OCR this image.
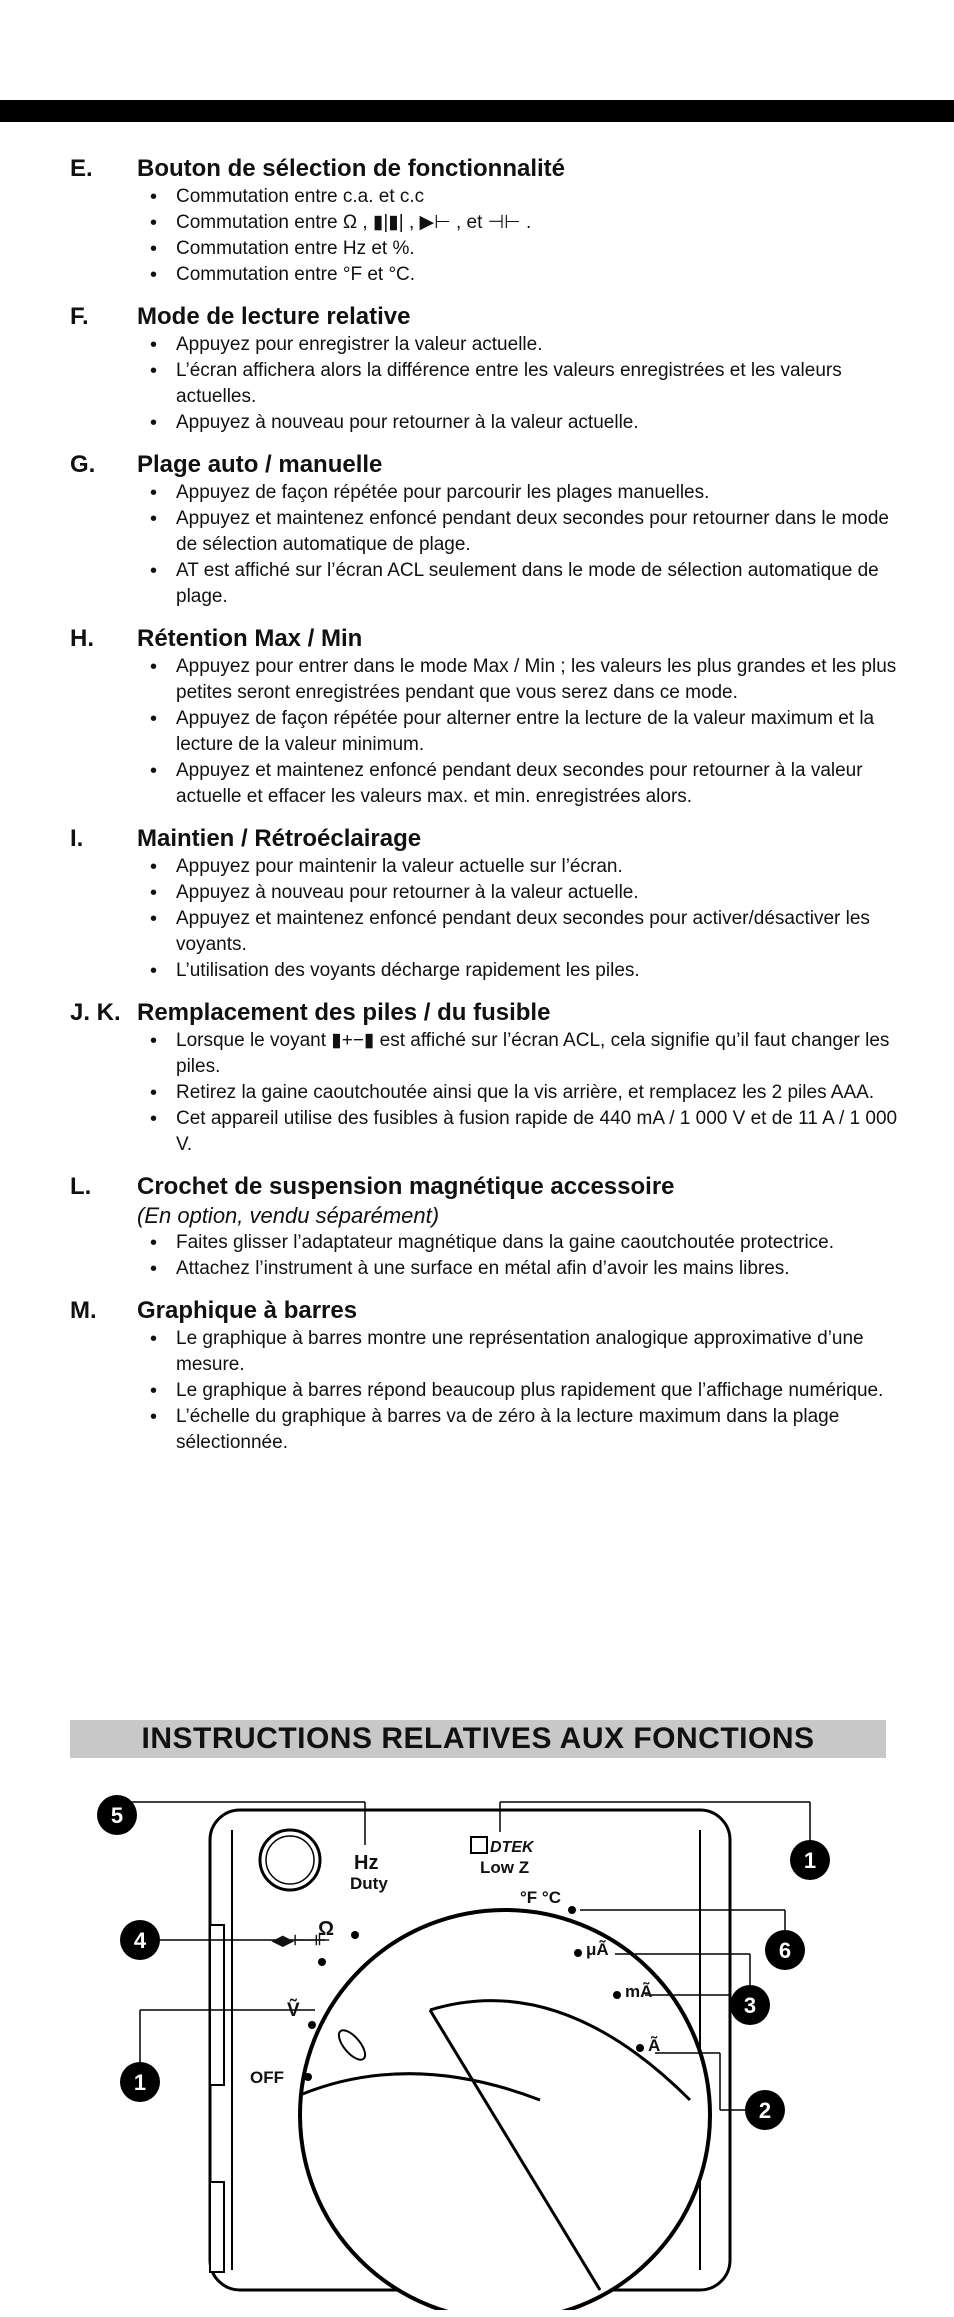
E.	Bouton de sélection de fonctionnalité
• Commutation entre c.a. et c.c
• Commutation entre Ω , ▮|▮| , ▶⊢ , et ⊣⊢ .
• Commutation entre Hz et %.
• Commutation entre °F et °C.
F.	Mode de lecture relative
• Appuyez pour enregistrer la valeur actuelle.
• L’écran affichera alors la différence entre les valeurs enregistrées et les valeurs actuelles.
• Appuyez à nouveau pour retourner à la valeur actuelle.
G.	Plage auto / manuelle
• Appuyez de façon répétée pour parcourir les plages manuelles.
• Appuyez et maintenez enfoncé pendant deux secondes pour retourner dans le mode de sélection automatique de plage.
• AT est affiché sur l’écran ACL seulement dans le mode de sélection automatique de plage.
H.	Rétention Max / Min
• Appuyez pour entrer dans le mode Max / Min ; les valeurs les plus grandes et les plus petites seront enregistrées pendant que vous serez dans ce mode.
• Appuyez de façon répétée pour alterner entre la lecture de la valeur maximum et la lecture de la valeur minimum.
• Appuyez et maintenez enfoncé pendant deux secondes pour retourner à la valeur actuelle et effacer les valeurs max. et min. enregistrées alors.
I.	Maintien / Rétroéclairage
• Appuyez pour maintenir la valeur actuelle sur l’écran.
• Appuyez à nouveau pour retourner à la valeur actuelle.
• Appuyez et maintenez enfoncé pendant deux secondes pour activer/désactiver les voyants.
• L’utilisation des voyants décharge rapidement les piles.
J. K. Remplacement des piles / du fusible
• Lorsque le voyant ▮+−▮ est affiché sur l’écran ACL, cela signifie qu’il faut changer les piles.
• Retirez la gaine caoutchoutée ainsi que la vis arrière, et remplacez les 2 piles AAA.
• Cet appareil utilise des fusibles à fusion rapide de 440 mA / 1 000 V et de 11 A / 1 000 V.
L.	Crochet de suspension magnétique accessoire
(En option, vendu séparément)
• Faites glisser l’adaptateur magnétique dans la gaine caoutchoutée protectrice.
• Attachez l’instrument à une surface en métal afin d’avoir les mains libres.
M.	Graphique à barres
• Le graphique à barres montre une représentation analogique approximative d’une mesure.
• Le graphique à barres répond beaucoup plus rapidement que l’affichage numérique.
• L’échelle du graphique à barres va de zéro à la lecture maximum dans la plage sélectionnée.
INSTRUCTIONS RELATIVES AUX FONCTIONS
5
4
1
1
6
3
2
DTEK
Hz
Duty
Low Z
°F °C
μÃ
mÃ
Ã
Ω
◀▶⊢⊣⊢
Ṽ
OFF
